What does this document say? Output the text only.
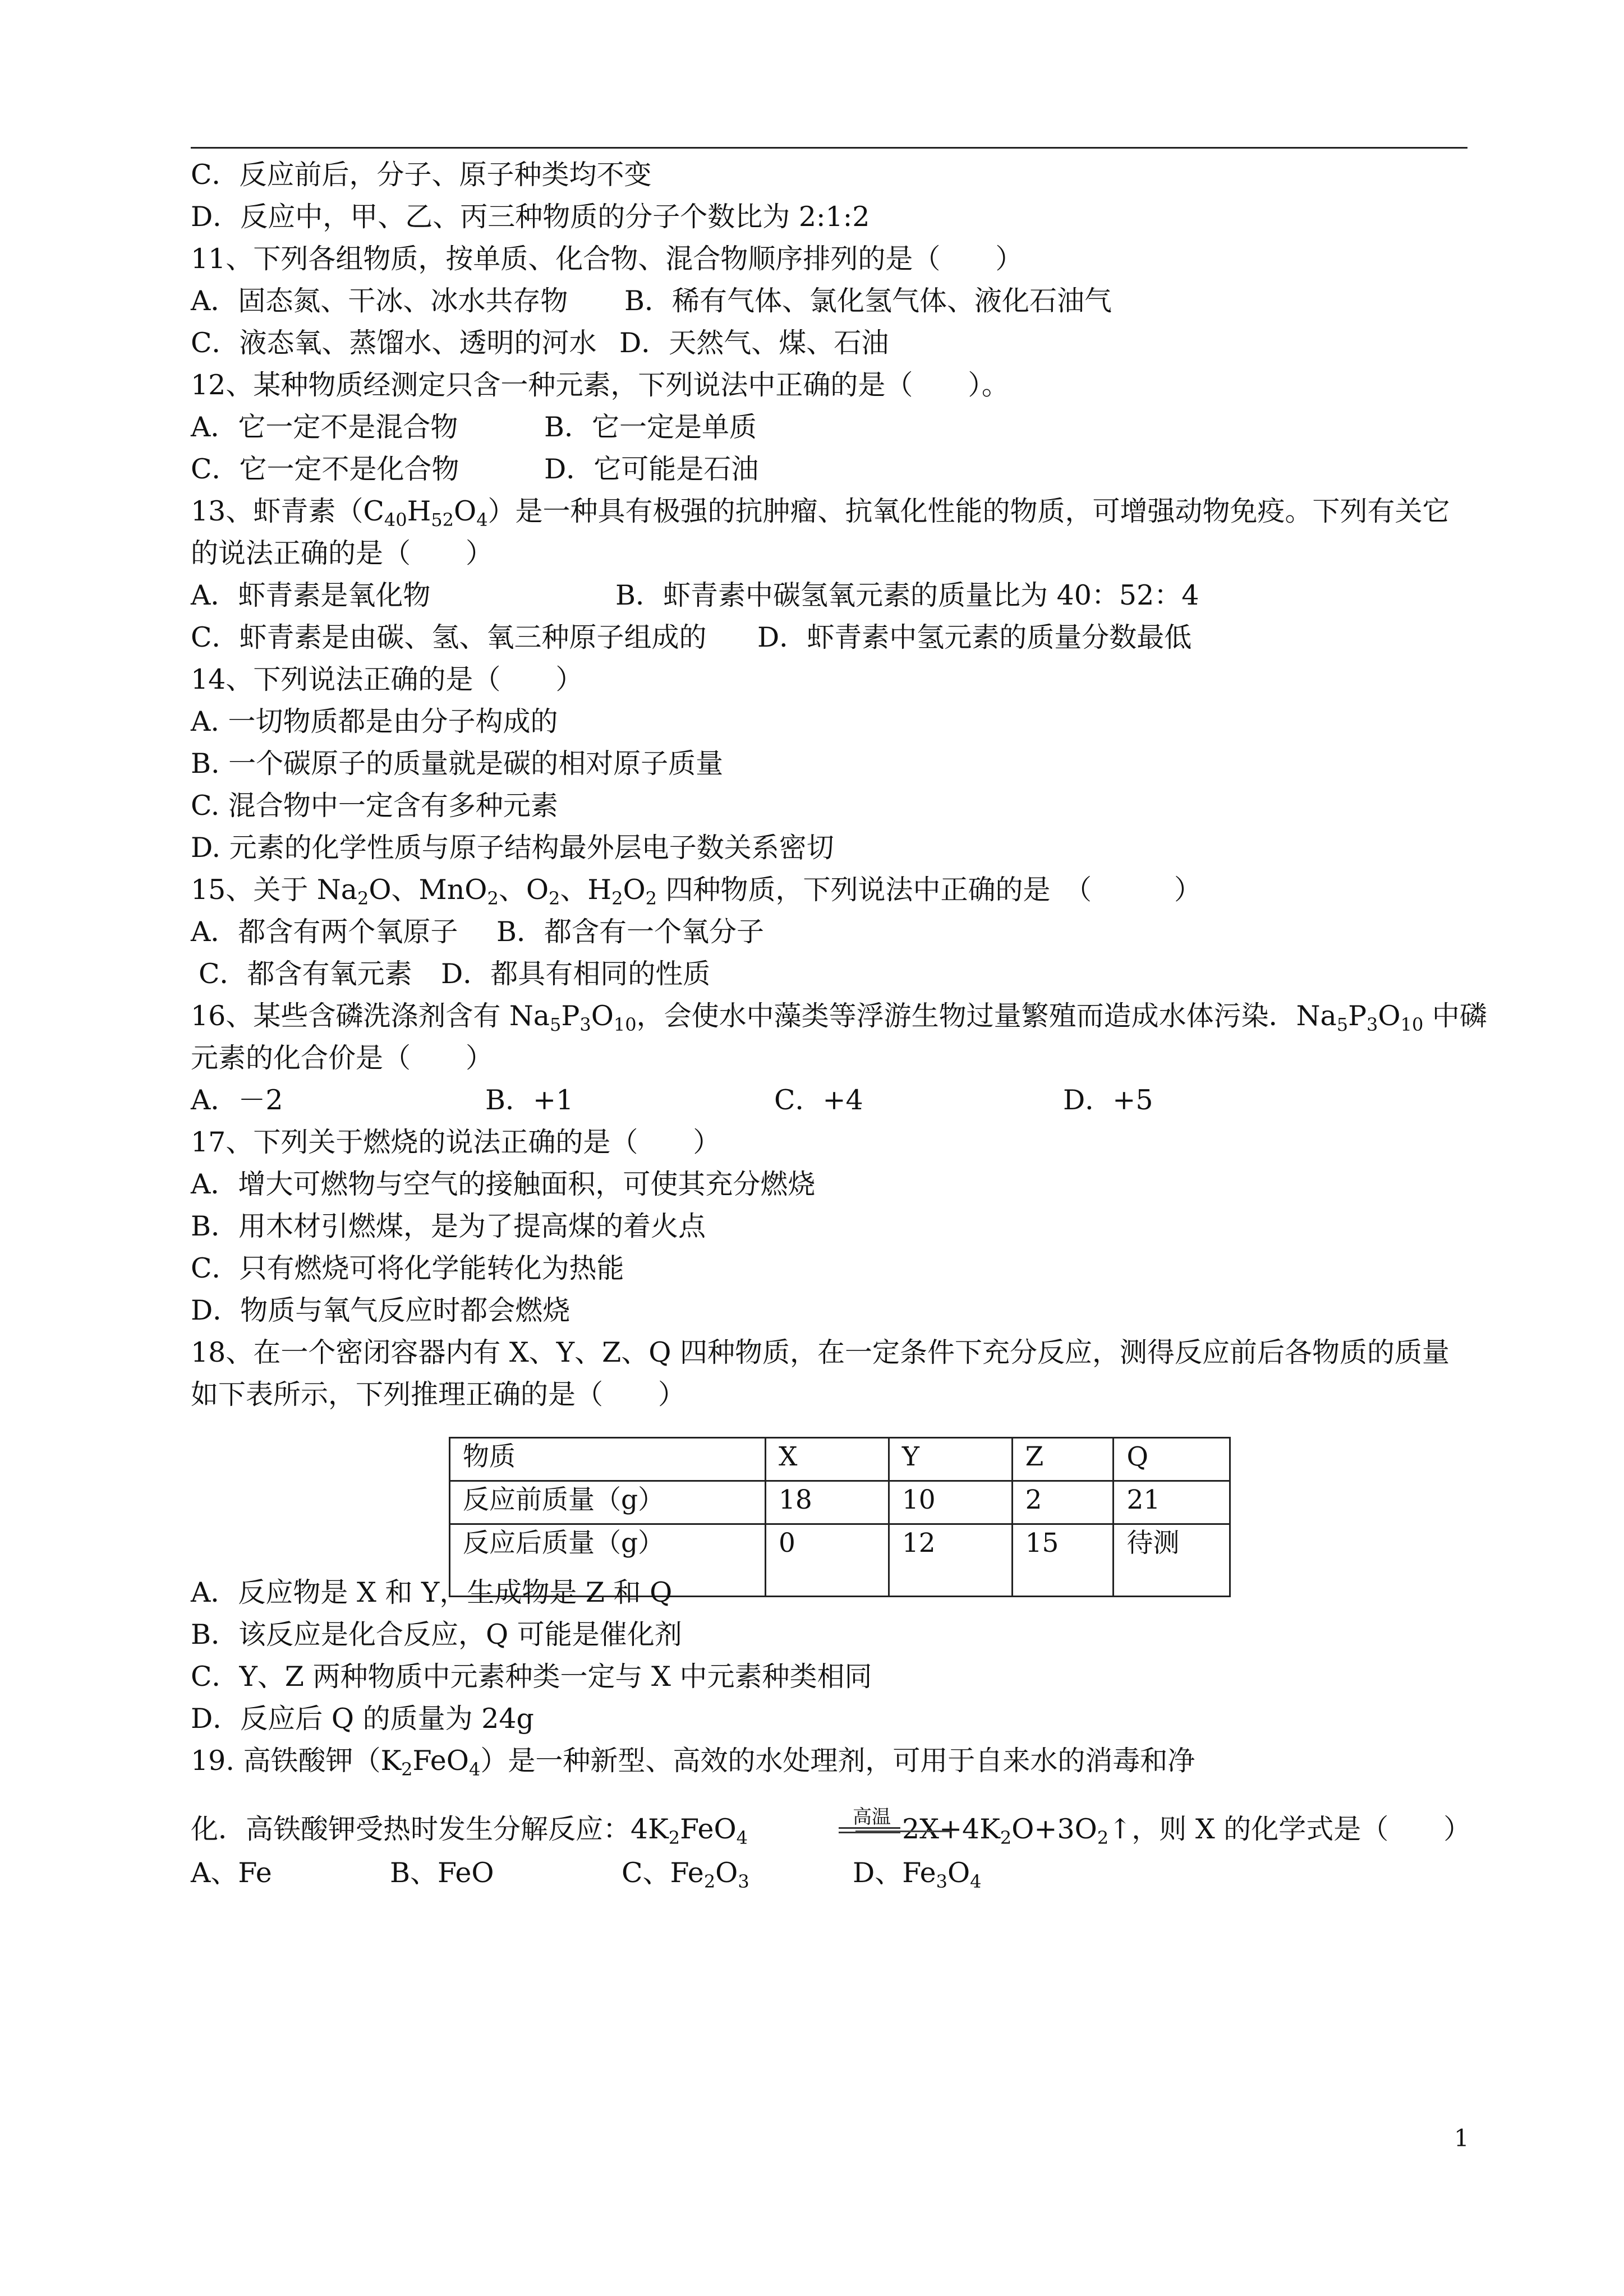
C．反应前后，分子、原子种类均不变
D．反应中，甲、乙、丙三种物质的分子个数比为 2:1:2
11、下列各组物质，按单质、化合物、混合物顺序排列的是（　　）
A．固态氮、干冰、冰水共存物 B．稀有气体、氯化氢气体、液化石油气
C．液态氧、蒸馏水、透明的河水 D．天然气、煤、石油
12、某种物质经测定只含一种元素，下列说法中正确的是（　　）。
A．它一定不是混合物	B．它一定是单质
C．它一定不是化合物	D．它可能是石油
13、虾青素$(C_{40}H_{52}O_4)$是一种具有极强的抗肿瘤、抗氧化性能的物质，可增强动物免疫。下列有关它
的说法正确的是（　　）
A．虾青素是氧化物	B．虾青素中碳氢氧元素的质量比为 40：52：4
C．虾青素是由碳、氢、氧三种原子组成的 D．虾青素中氢元素的质量分数最低
14、下列说法正确的是（　　）
A. 一切物质都是由分子构成的
B. 一个碳原子的质量就是碳的相对原子质量
C. 混合物中一定含有多种元素
D. 元素的化学性质与原子结构最外层电子数关系密切
15、关于 $Na_2O$、MnO$_2$、$O_2$、$H_2O_2$ 四种物质，下列说法中正确的是　（　　　）
A．都含有两个氧原子 B．都含有一个氧分子
C．都含有氧元素 D．都具有相同的性质
16、某些含磷洗涤剂含有 $Na_5P_3O_{10}$，会使水中藻类等浮游生物过量繁殖而造成水体污染．$Na_5P_3O_{10}$ 中磷
元素的化合价是（　　）
A．－2	B．+1	C．+4	D．+5
17、下列关于燃烧的说法正确的是（　　）
A．增大可燃物与空气的接触面积，可使其充分燃烧
B．用木材引燃煤，是为了提高煤的着火点
C．只有燃烧可将化学能转化为热能
D．物质与氧气反应时都会燃烧
18、在一个密闭容器内有 X、Y、Z、Q 四种物质，在一定条件下充分反应，测得反应前后各物质的质量
如下表所示，下列推理正确的是（　　）
物质	X	Y	Z	Q
反应前质量（g）	18	10	2	21
反应后质量（g）	0	12	15	待测
A．反应物是 X 和 Y，生成物是 Z 和 Q
B．该反应是化合反应，Q 可能是催化剂
C．Y、Z 两种物质中元素种类一定与 X 中元素种类相同
D．反应后 Q 的质量为 24g
19. 高铁酸钾$(K_2FeO_4)$是一种新型、高效的水处理剂，可用于自来水的消毒和净
高温
化．高铁酸钾受热时发生分解反应：$4K_2FeO_4$	$2X+4K_2O+3O_2↑$，则 X 的化学式是（　　）
A、Fe	B、FeO	C、$Fe_2O_3$	D、$Fe_3O_4$
1
